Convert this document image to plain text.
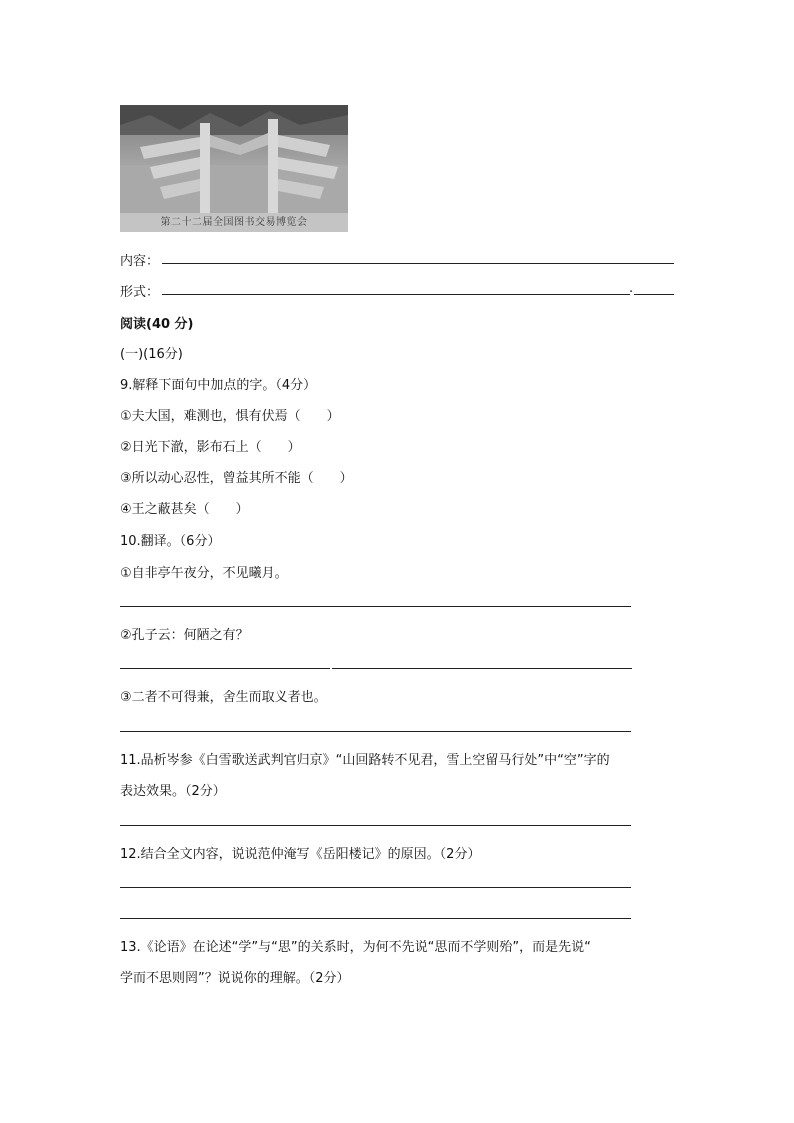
第二十二届全国图书交易博览会
内容：
形式：	.
阅读(40 分)
(一)(16分)
9.解释下面句中加点的字。（4分）
①夫大国，难测也，惧有伏焉（　　）
②日光下澈，影布石上（　　）
③所以动心忍性，曾益其所不能（　　）
④王之蔽甚矣（　　）
10.翻译。（6分）
①自非亭午夜分，不见曦月。
②孔子云：何陋之有？
③二者不可得兼，舍生而取义者也。
11.品析岑参《白雪歌送武判官归京》“山回路转不见君，雪上空留马行处”中“空”字的
表达效果。（2分）
12.结合全文内容，说说范仲淹写《岳阳楼记》的原因。（2分）
13.《论语》在论述“学”与“思”的关系时，为何不先说“思而不学则殆”，而是先说“
学而不思则罔”？说说你的理解。（2分）
